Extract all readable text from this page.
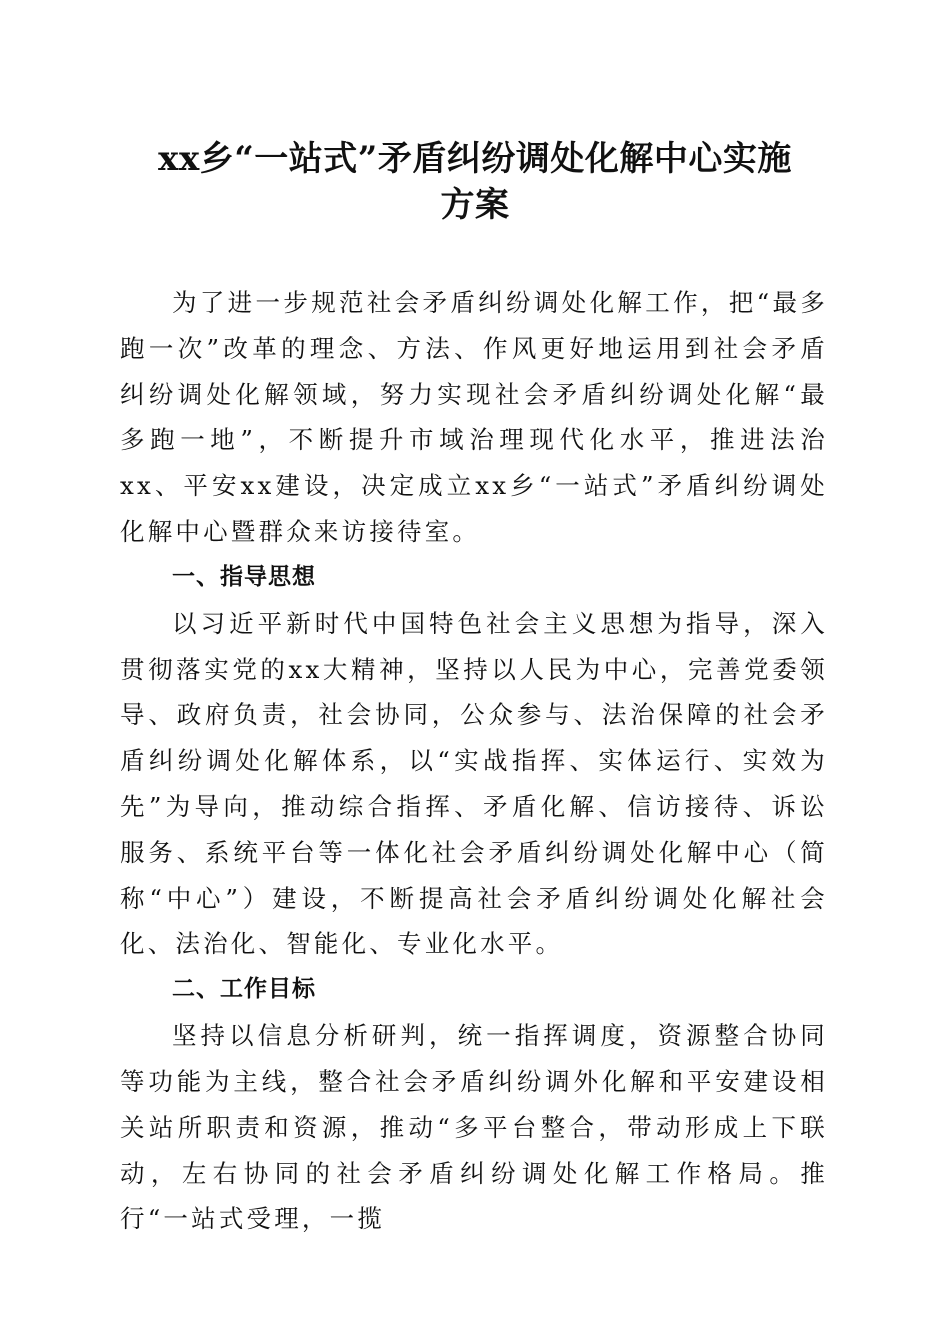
xx乡“一站式”矛盾纠纷调处化解中心实施
方案

为了进一步规范社会矛盾纠纷调处化解工作，把“最多跑一次”改革的理念、方法、作风更好地运用到社会矛盾纠纷调处化解领域，努力实现社会矛盾纠纷调处化解“最多跑一地”，不断提升市域治理现代化水平，推进法治xx、平安xx建设，决定成立xx乡“一站式”矛盾纠纷调处化解中心暨群众来访接待室。

一、指导思想

以习近平新时代中国特色社会主义思想为指导，深入贯彻落实党的xx大精神，坚持以人民为中心，完善党委领导、政府负责，社会协同，公众参与、法治保障的社会矛盾纠纷调处化解体系，以“实战指挥、实体运行、实效为先”为导向，推动综合指挥、矛盾化解、信访接待、诉讼服务、系统平台等一体化社会矛盾纠纷调处化解中心（简称“中心”）建设，不断提高社会矛盾纠纷调处化解社会化、法治化、智能化、专业化水平。

二、工作目标

坚持以信息分析研判，统一指挥调度，资源整合协同等功能为主线，整合社会矛盾纠纷调外化解和平安建设相关站所职责和资源，推动“多平台整合，带动形成上下联动，左右协同的社会矛盾纠纷调处化解工作格局。推行“一站式受理，一揽
